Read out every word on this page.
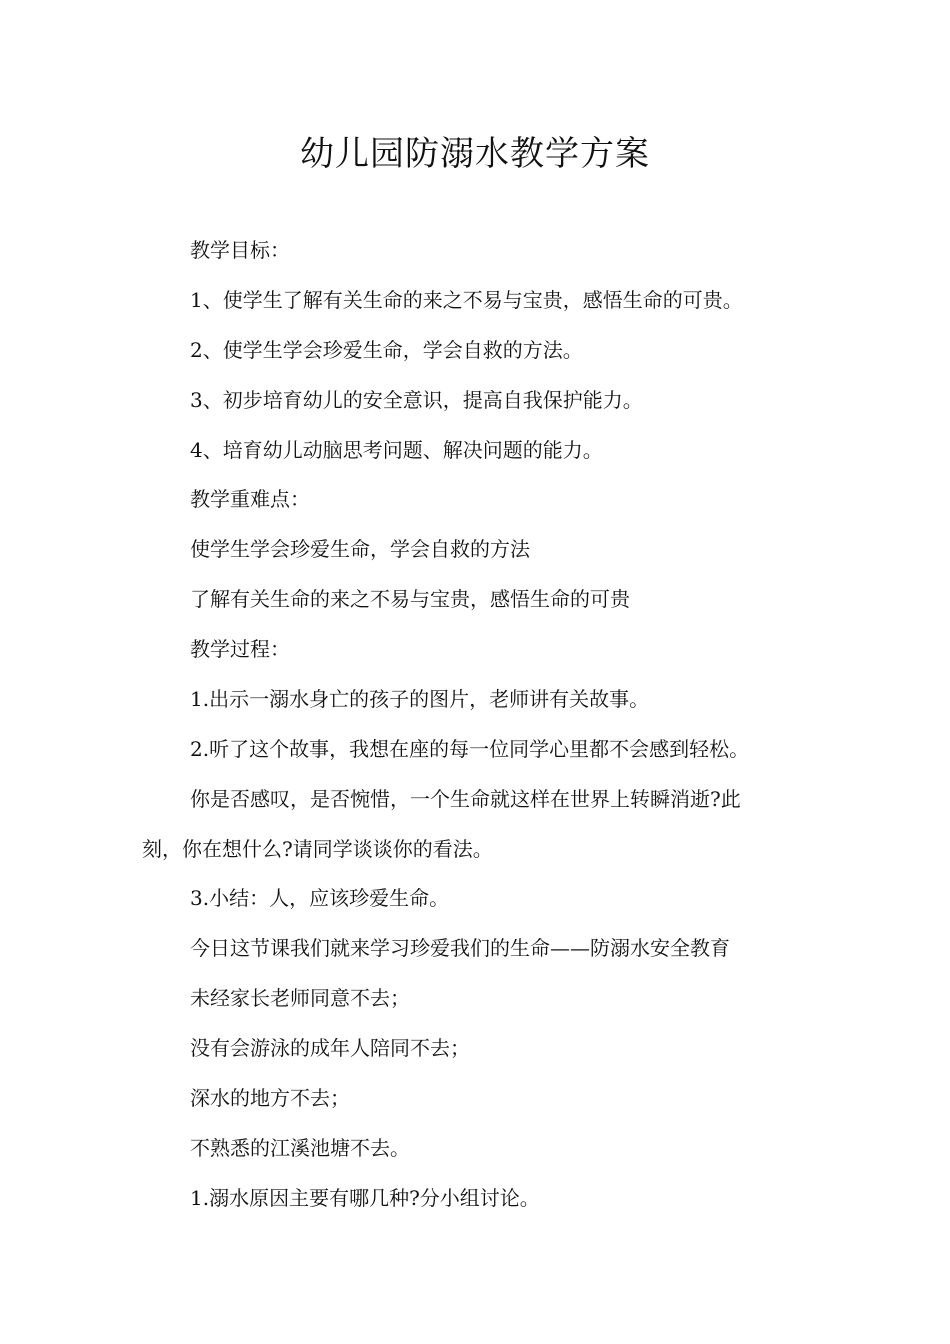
幼儿园防溺水教学方案

教学目标：

1、使学生了解有关生命的来之不易与宝贵，感悟生命的可贵。

2、使学生学会珍爱生命，学会自救的方法。

3、初步培育幼儿的安全意识，提高自我保护能力。

4、培育幼儿动脑思考问题、解决问题的能力。

教学重难点：

使学生学会珍爱生命，学会自救的方法

了解有关生命的来之不易与宝贵，感悟生命的可贵

教学过程：

1.出示一溺水身亡的孩子的图片，老师讲有关故事。

2.听了这个故事，我想在座的每一位同学心里都不会感到轻松。

你是否感叹，是否惋惜，一个生命就这样在世界上转瞬消逝?此

刻，你在想什么?请同学谈谈你的看法。

3.小结：人，应该珍爱生命。

今日这节课我们就来学习珍爱我们的生命——防溺水安全教育

未经家长老师同意不去；

没有会游泳的成年人陪同不去；

深水的地方不去；

不熟悉的江溪池塘不去。

1.溺水原因主要有哪几种?分小组讨论。
